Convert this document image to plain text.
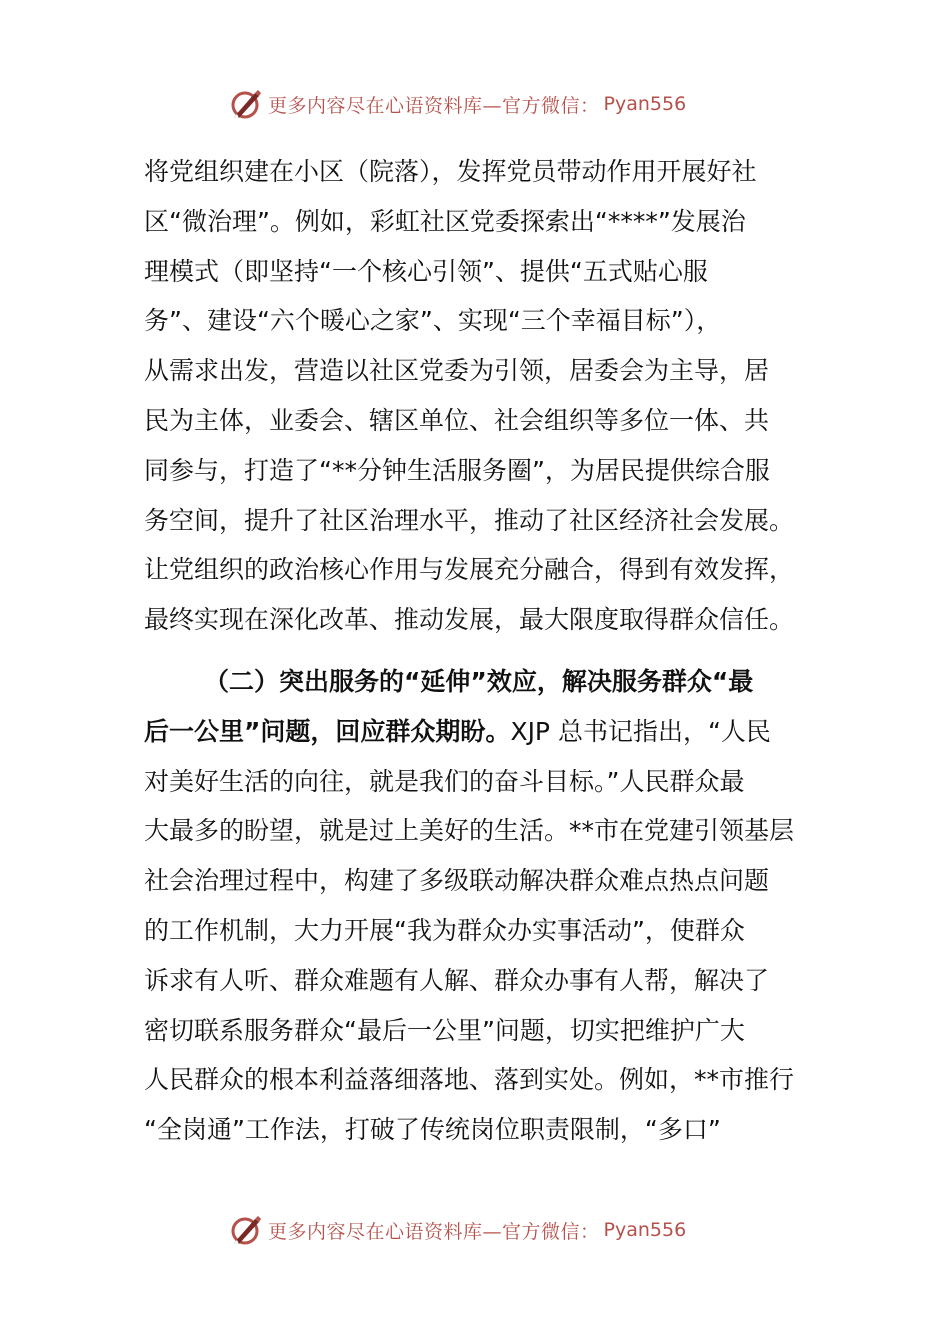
更多内容尽在心语资料库—官方微信： Pyan556
将党组织建在小区（院落），发挥党员带动作用开展好社
区“微治理”。例如，彩虹社区党委探索出“****”发展治
理模式（即坚持“一个核心引领”、提供“五式贴心服
务”、建设“六个暖心之家”、实现“三个幸福目标”），
从需求出发，营造以社区党委为引领，居委会为主导，居
民为主体，业委会、辖区单位、社会组织等多位一体、共
同参与，打造了“**分钟生活服务圈”，为居民提供综合服
务空间，提升了社区治理水平，推动了社区经济社会发展。
让党组织的政治核心作用与发展充分融合，得到有效发挥，
最终实现在深化改革、推动发展，最大限度取得群众信任。
（二）突出服务的“延伸”效应，解决服务群众“最
后一公里”问题，回应群众期盼。XJP 总书记指出，“人民
对美好生活的向往，就是我们的奋斗目标。”人民群众最
大最多的盼望，就是过上美好的生活。**市在党建引领基层
社会治理过程中，构建了多级联动解决群众难点热点问题
的工作机制，大力开展“我为群众办实事活动”，使群众
诉求有人听、群众难题有人解、群众办事有人帮，解决了
密切联系服务群众“最后一公里”问题，切实把维护广大
人民群众的根本利益落细落地、落到实处。例如，**市推行
“全岗通”工作法，打破了传统岗位职责限制，“多口”
更多内容尽在心语资料库—官方微信： Pyan556
